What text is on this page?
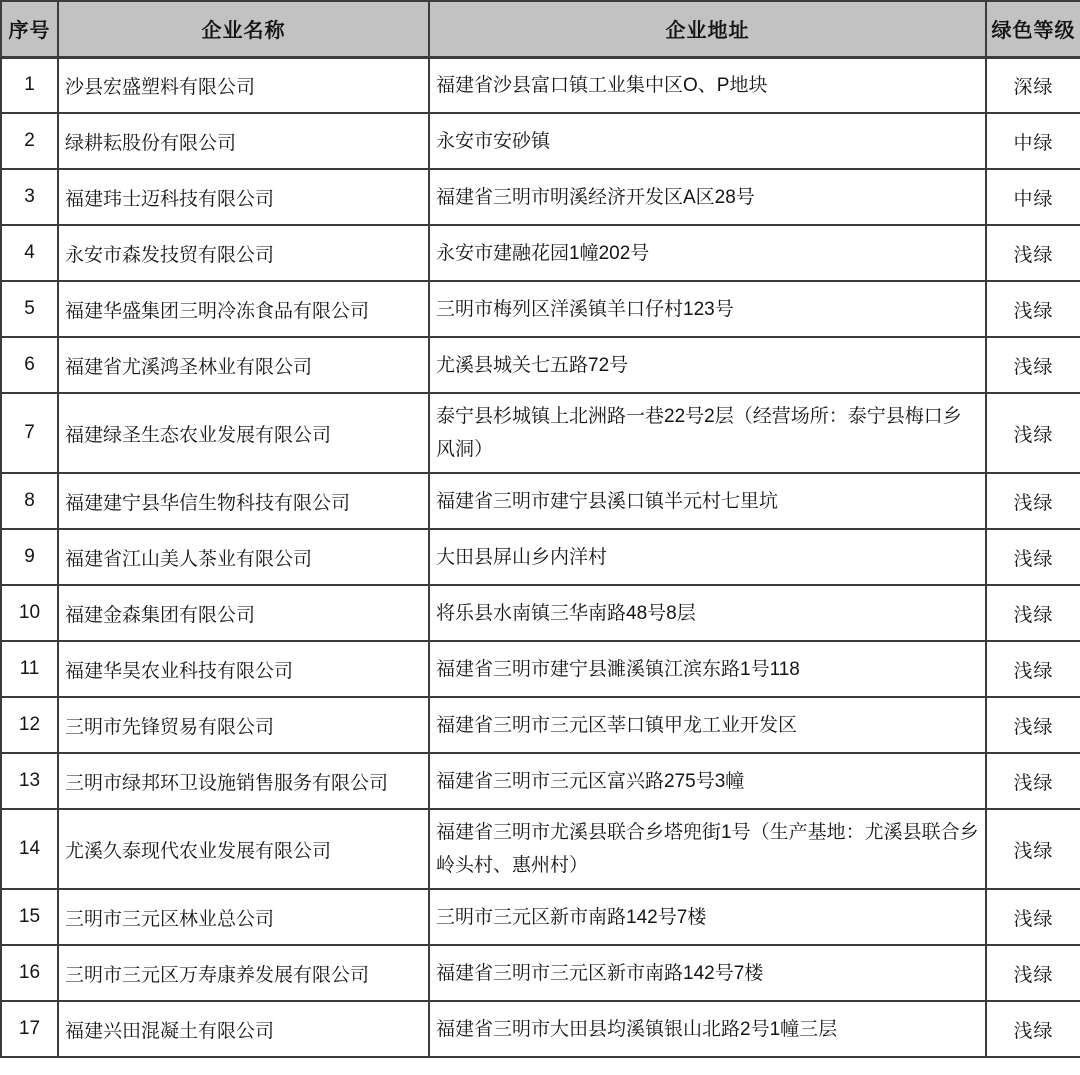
序号	企业名称	企业地址	绿色等级
1	沙县宏盛塑料有限公司	福建省沙县富口镇工业集中区O、P地块	深绿
2	绿耕耘股份有限公司	永安市安砂镇	中绿
3	福建玮士迈科技有限公司	福建省三明市明溪经济开发区A区28号	中绿
4	永安市森发技贸有限公司	永安市建融花园1幢202号	浅绿
5	福建华盛集团三明冷冻食品有限公司	三明市梅列区洋溪镇羊口仔村123号	浅绿
6	福建省尤溪鸿圣林业有限公司	尤溪县城关七五路72号	浅绿
7	福建绿圣生态农业发展有限公司	泰宁县杉城镇上北洲路一巷22号2层（经营场所：泰宁县梅口乡风洞）	浅绿
8	福建建宁县华信生物科技有限公司	福建省三明市建宁县溪口镇半元村七里坑	浅绿
9	福建省江山美人茶业有限公司	大田县屏山乡内洋村	浅绿
10	福建金森集团有限公司	将乐县水南镇三华南路48号8层	浅绿
11	福建华昊农业科技有限公司	福建省三明市建宁县濉溪镇江滨东路1号118	浅绿
12	三明市先锋贸易有限公司	福建省三明市三元区莘口镇甲龙工业开发区	浅绿
13	三明市绿邦环卫设施销售服务有限公司	福建省三明市三元区富兴路275号3幢	浅绿
14	尤溪久泰现代农业发展有限公司	福建省三明市尤溪县联合乡塔兜街1号（生产基地：尤溪县联合乡岭头村、惠州村）	浅绿
15	三明市三元区林业总公司	三明市三元区新市南路142号7楼	浅绿
16	三明市三元区万寿康养发展有限公司	福建省三明市三元区新市南路142号7楼	浅绿
17	福建兴田混凝土有限公司	福建省三明市大田县均溪镇银山北路2号1幢三层	浅绿
